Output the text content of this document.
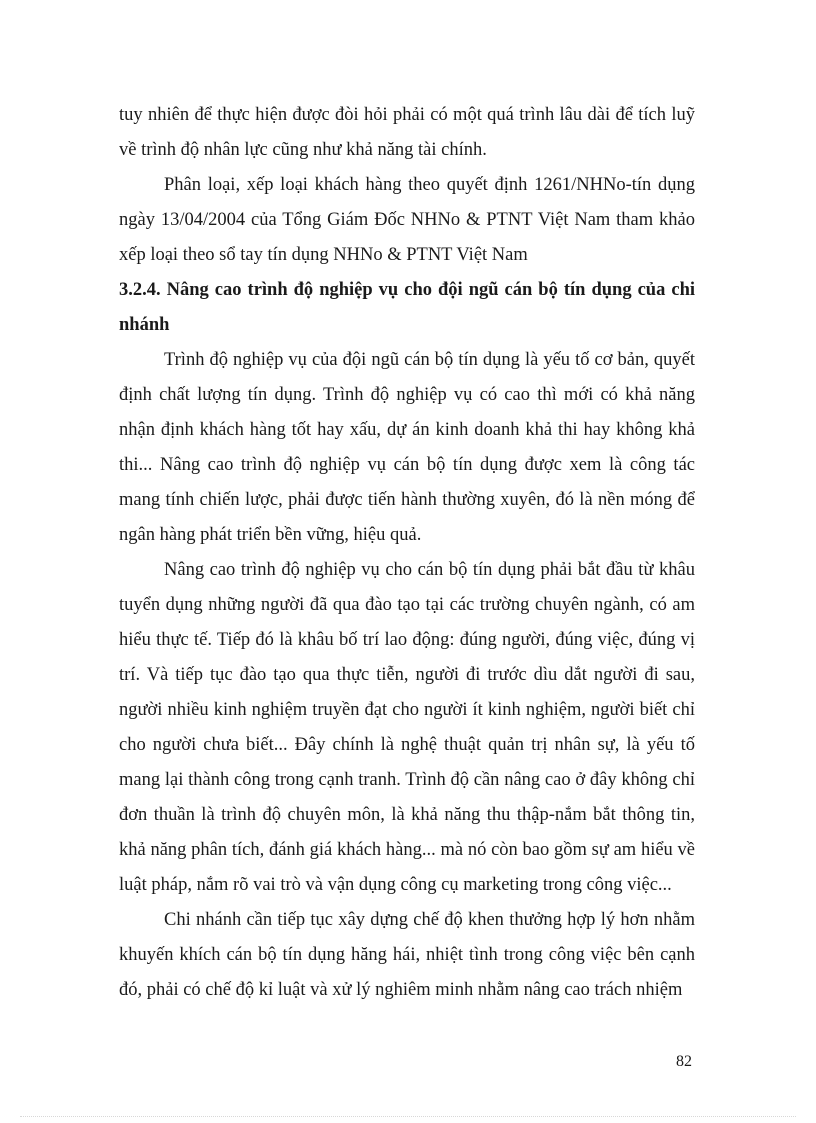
tuy nhiên để thực hiện được đòi hỏi phải có một quá trình lâu dài để tích luỹ về trình độ nhân lực cũng như khả năng tài chính.

Phân loại, xếp loại khách hàng theo quyết định 1261/NHNo-tín dụng ngày 13/04/2004 của Tổng Giám Đốc NHNo & PTNT Việt Nam tham khảo xếp loại theo sổ tay tín dụng NHNo & PTNT Việt Nam

3.2.4. Nâng cao trình độ nghiệp vụ cho đội ngũ cán bộ tín dụng của chi nhánh

Trình độ nghiệp vụ của đội ngũ cán bộ tín dụng là yếu tố cơ bản, quyết định chất lượng tín dụng. Trình độ nghiệp vụ có cao thì mới có khả năng nhận định khách hàng tốt hay xấu, dự án kinh doanh khả thi hay không khả thi... Nâng cao trình độ nghiệp vụ cán bộ tín dụng được xem là công tác mang tính chiến lược, phải được tiến hành thường xuyên, đó là nền móng để ngân hàng phát triển bền vững, hiệu quả.

Nâng cao trình độ nghiệp vụ cho cán bộ tín dụng phải bắt đầu từ khâu tuyển dụng những người đã qua đào tạo tại các trường chuyên ngành, có am hiểu thực tế. Tiếp đó là khâu bố trí lao động: đúng người, đúng việc, đúng vị trí. Và tiếp tục đào tạo qua thực tiễn, người đi trước dìu dắt người đi sau, người nhiều kinh nghiệm truyền đạt cho người ít kinh nghiệm, người biết chỉ cho người chưa biết... Đây chính là nghệ thuật quản trị nhân sự, là yếu tố mang lại thành công trong cạnh tranh. Trình độ cần nâng cao ở đây không chỉ đơn thuần là trình độ chuyên môn, là khả năng thu thập-nắm bắt thông tin, khả năng phân tích, đánh giá khách hàng... mà nó còn bao gồm sự am hiểu về luật pháp, nắm rõ vai trò và vận dụng công cụ marketing trong công việc...

Chi nhánh cần tiếp tục xây dựng chế độ khen thưởng hợp lý hơn nhằm khuyến khích cán bộ tín dụng hăng hái, nhiệt tình trong công việc bên cạnh đó, phải có chế độ kỉ luật và xử lý nghiêm minh nhằm nâng cao trách nhiệm

82
